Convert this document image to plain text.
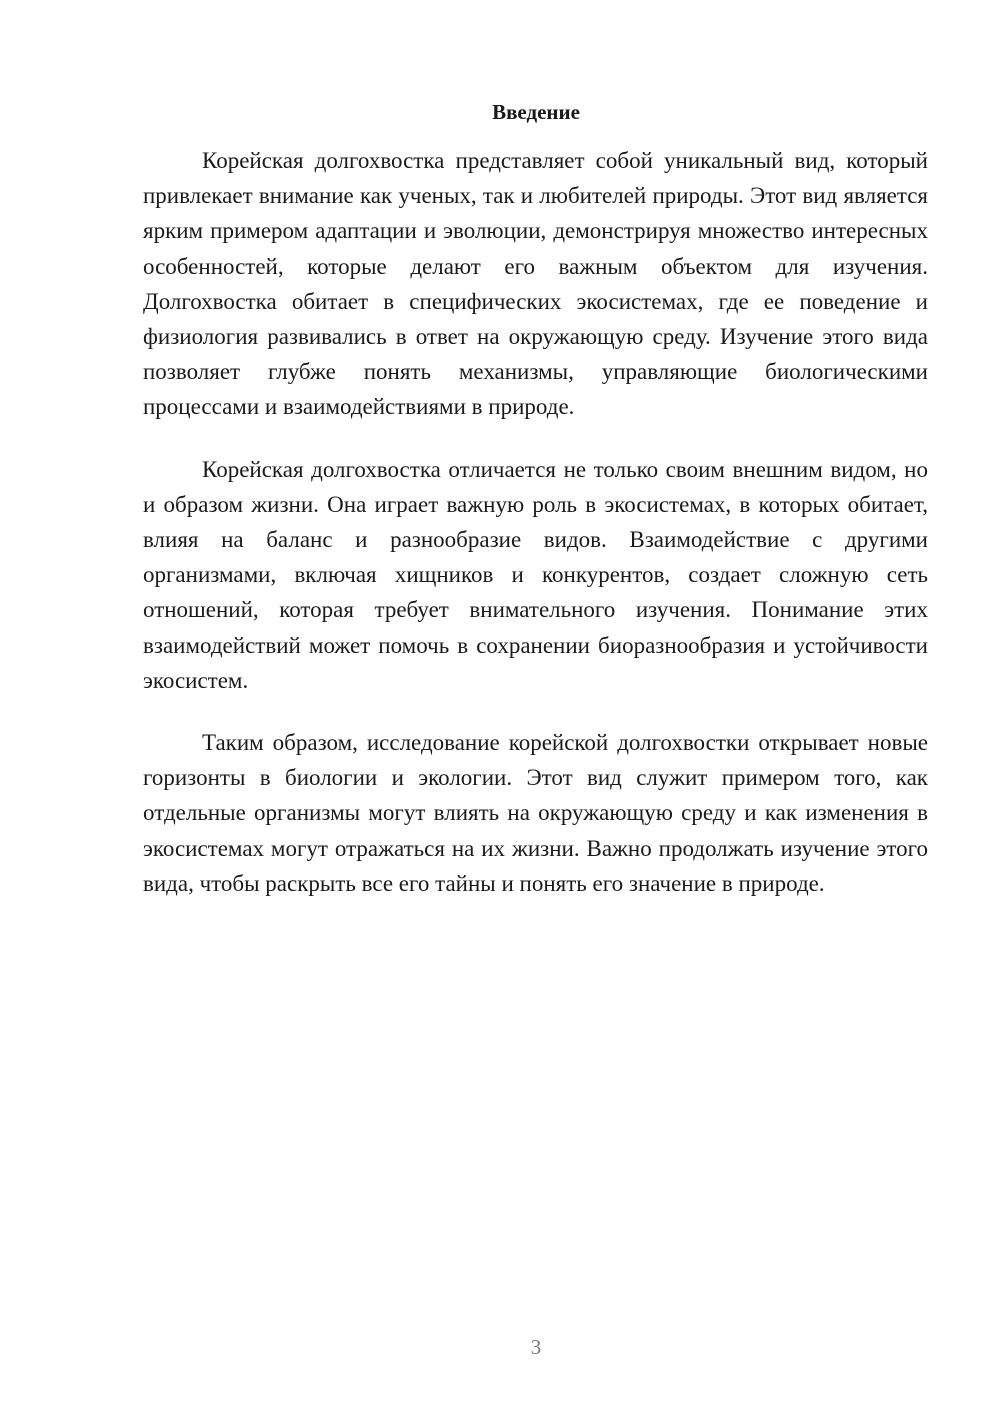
Введение

Корейская долгохвостка представляет собой уникальный вид, который привлекает внимание как ученых, так и любителей природы. Этот вид является ярким примером адаптации и эволюции, демонстрируя множество интересных особенностей, которые делают его важным объектом для изучения. Долгохвостка обитает в специфических экосистемах, где ее поведение и физиология развивались в ответ на окружающую среду. Изучение этого вида позволяет глубже понять механизмы, управляющие биологическими процессами и взаимодействиями в природе.

Корейская долгохвостка отличается не только своим внешним видом, но и образом жизни. Она играет важную роль в экосистемах, в которых обитает, влияя на баланс и разнообразие видов. Взаимодействие с другими организмами, включая хищников и конкурентов, создает сложную сеть отношений, которая требует внимательного изучения. Понимание этих взаимодействий может помочь в сохранении биоразнообразия и устойчивости экосистем.

Таким образом, исследование корейской долгохвостки открывает новые горизонты в биологии и экологии. Этот вид служит примером того, как отдельные организмы могут влиять на окружающую среду и как изменения в экосистемах могут отражаться на их жизни. Важно продолжать изучение этого вида, чтобы раскрыть все его тайны и понять его значение в природе.

3
